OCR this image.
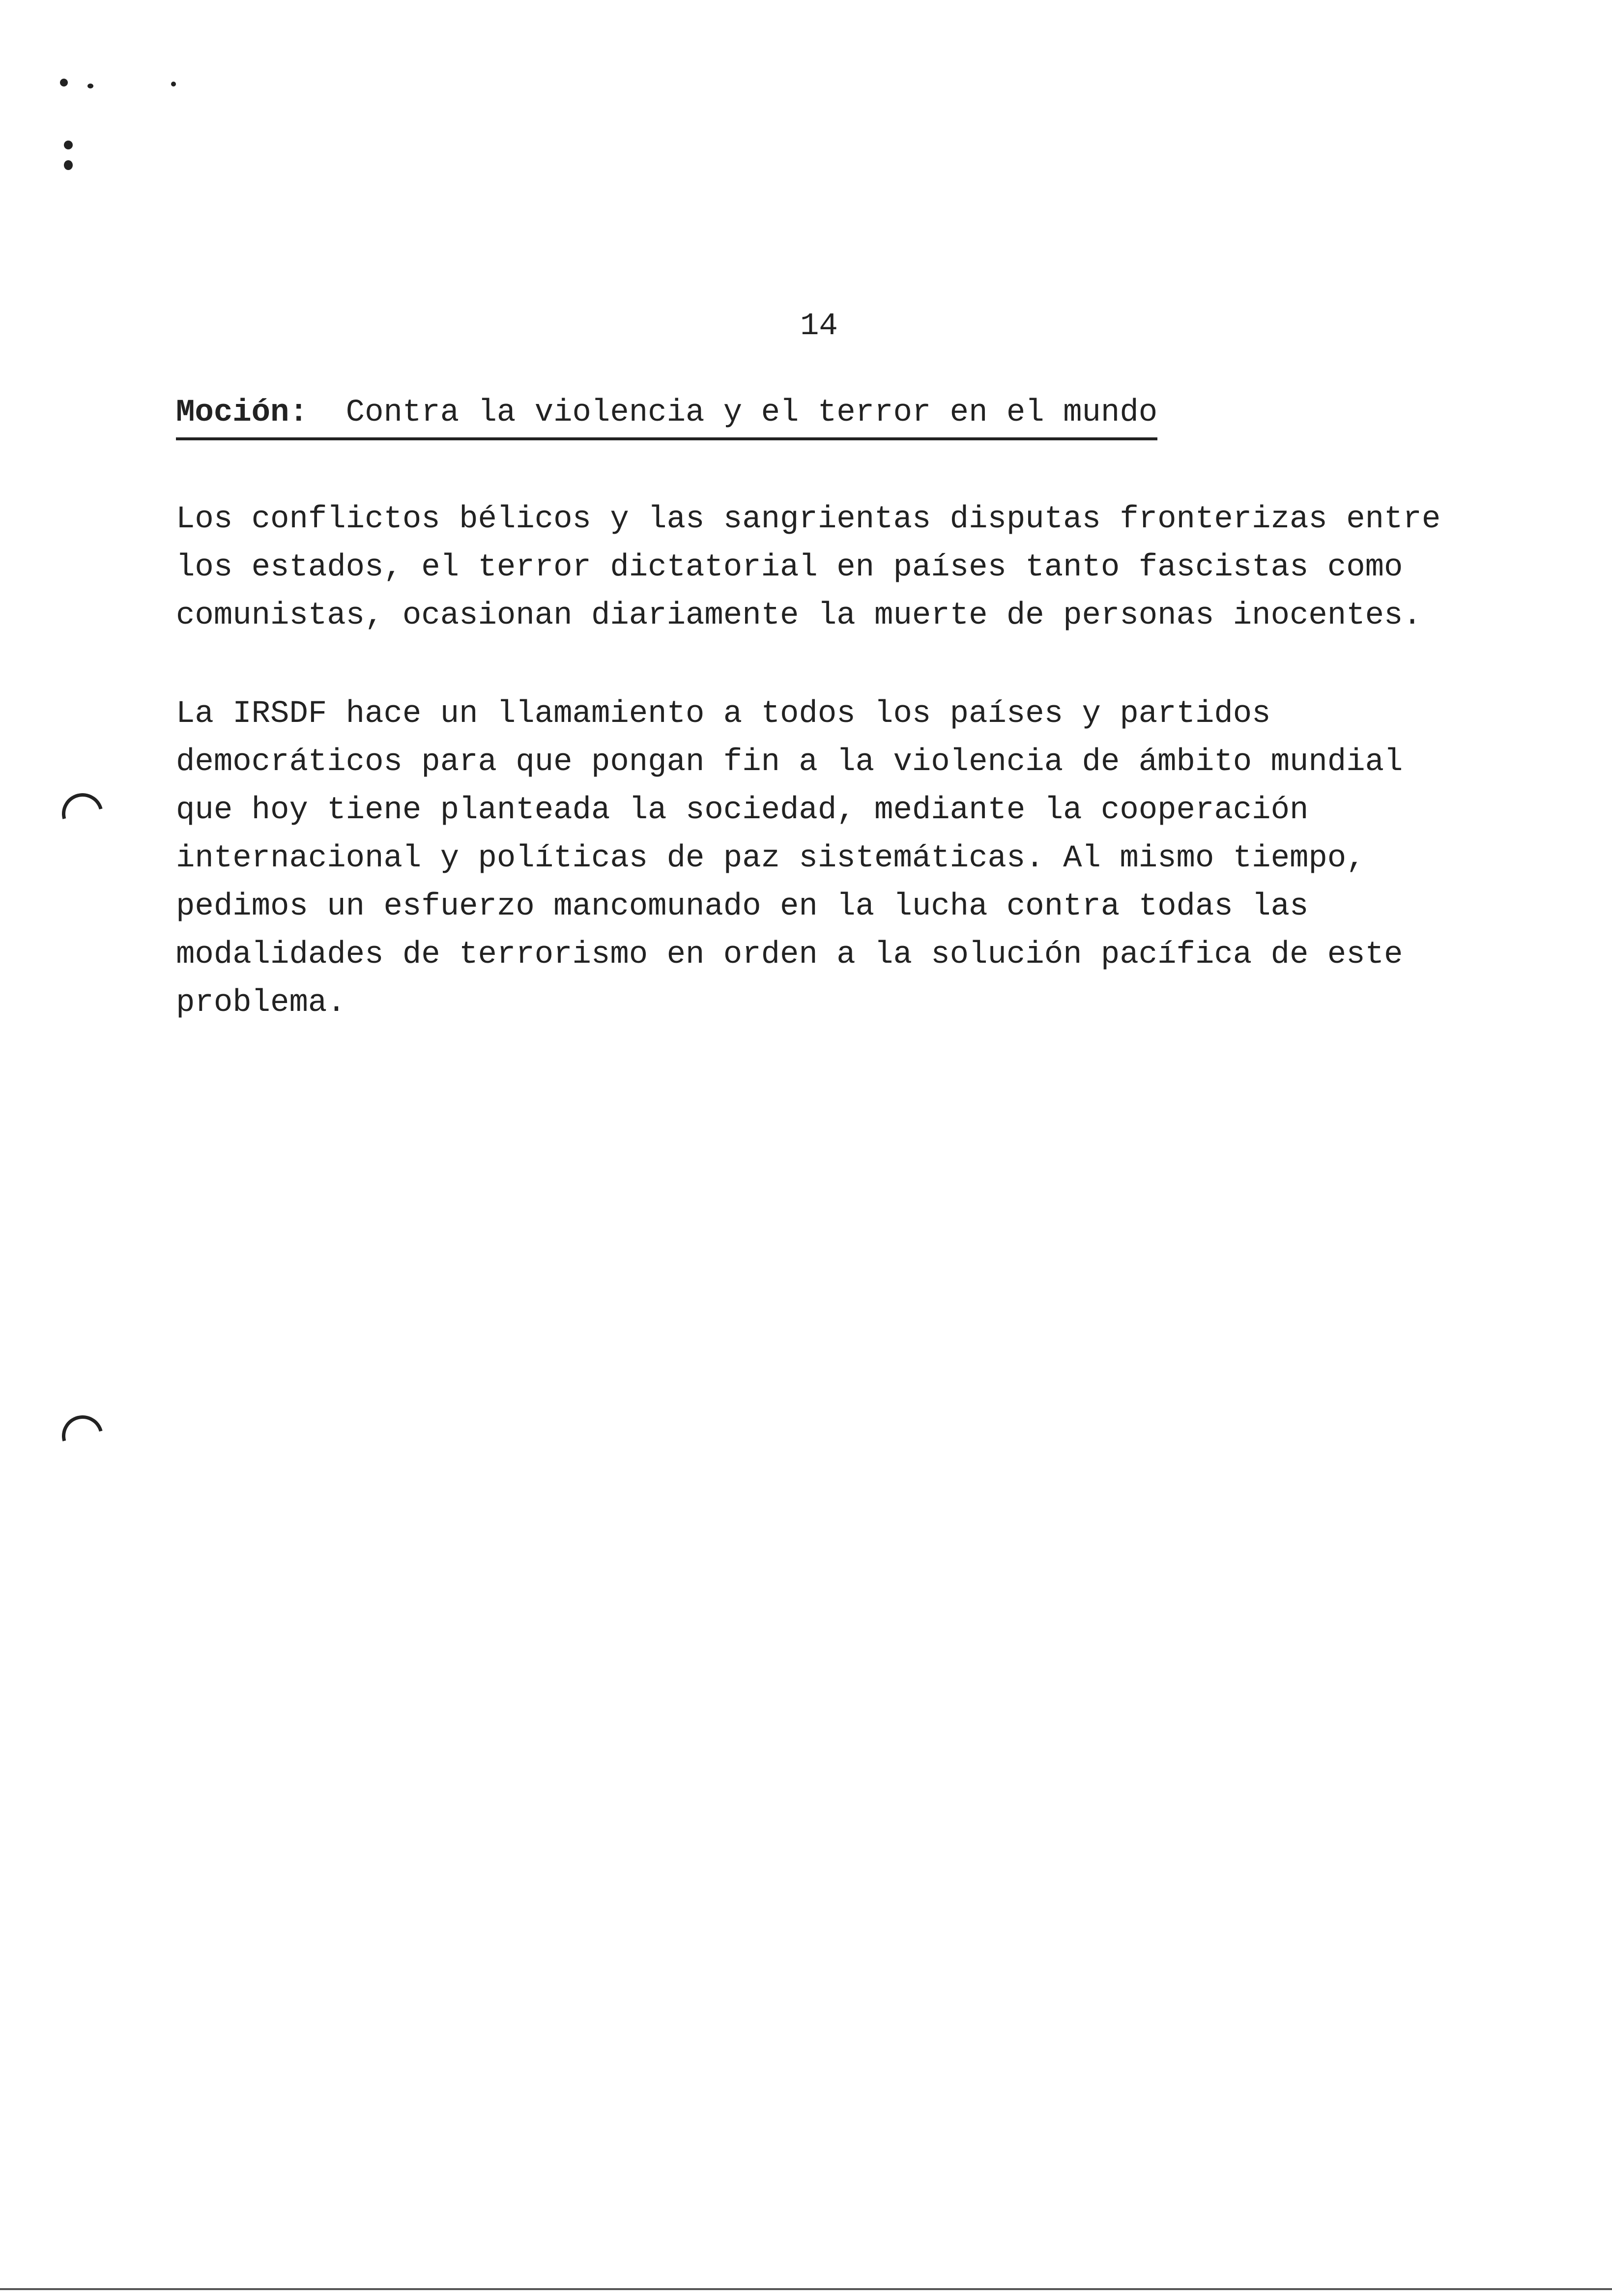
14
Moción: Contra la violencia y el terror en el mundo
Los conflictos bélicos y las sangrientas disputas fronterizas entre
los estados, el terror dictatorial en países tanto fascistas como
comunistas, ocasionan diariamente la muerte de personas inocentes.
La IRSDF hace un llamamiento a todos los países y partidos
democráticos para que pongan fin a la violencia de ámbito mundial
que hoy tiene planteada la sociedad, mediante la cooperación
internacional y políticas de paz sistemáticas. Al mismo tiempo,
pedimos un esfuerzo mancomunado en la lucha contra todas las
modalidades de terrorismo en orden a la solución pacífica de este
problema.
